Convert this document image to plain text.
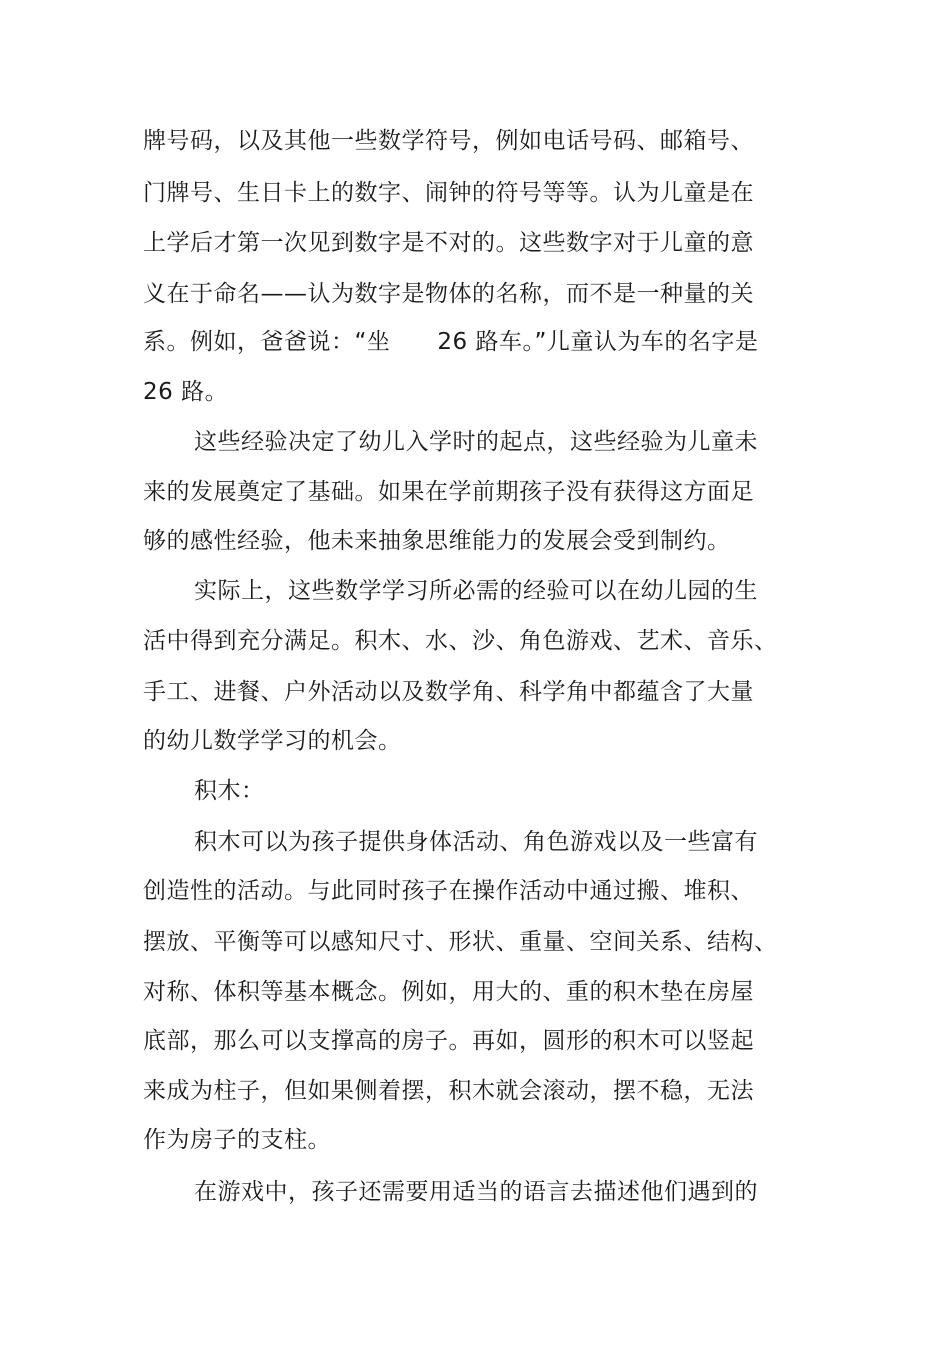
牌号码，以及其他一些数学符号，例如电话号码、邮箱号、
门牌号、生日卡上的数字、闹钟的符号等等。认为儿童是在
上学后才第一次见到数字是不对的。这些数字对于儿童的意
义在于命名——认为数字是物体的名称，而不是一种量的关
系。例如，爸爸说：“坐　　26 路车。”儿童认为车的名字是
26 路。
这些经验决定了幼儿入学时的起点，这些经验为儿童未
来的发展奠定了基础。如果在学前期孩子没有获得这方面足
够的感性经验，他未来抽象思维能力的发展会受到制约。
实际上，这些数学学习所必需的经验可以在幼儿园的生
活中得到充分满足。积木、水、沙、角色游戏、艺术、音乐、
手工、进餐、户外活动以及数学角、科学角中都蕴含了大量
的幼儿数学学习的机会。
积木：
积木可以为孩子提供身体活动、角色游戏以及一些富有
创造性的活动。与此同时孩子在操作活动中通过搬、堆积、
摆放、平衡等可以感知尺寸、形状、重量、空间关系、结构、
对称、体积等基本概念。例如，用大的、重的积木垫在房屋
底部，那么可以支撑高的房子。再如，圆形的积木可以竖起
来成为柱子，但如果侧着摆，积木就会滚动，摆不稳，无法
作为房子的支柱。
在游戏中，孩子还需要用适当的语言去描述他们遇到的
